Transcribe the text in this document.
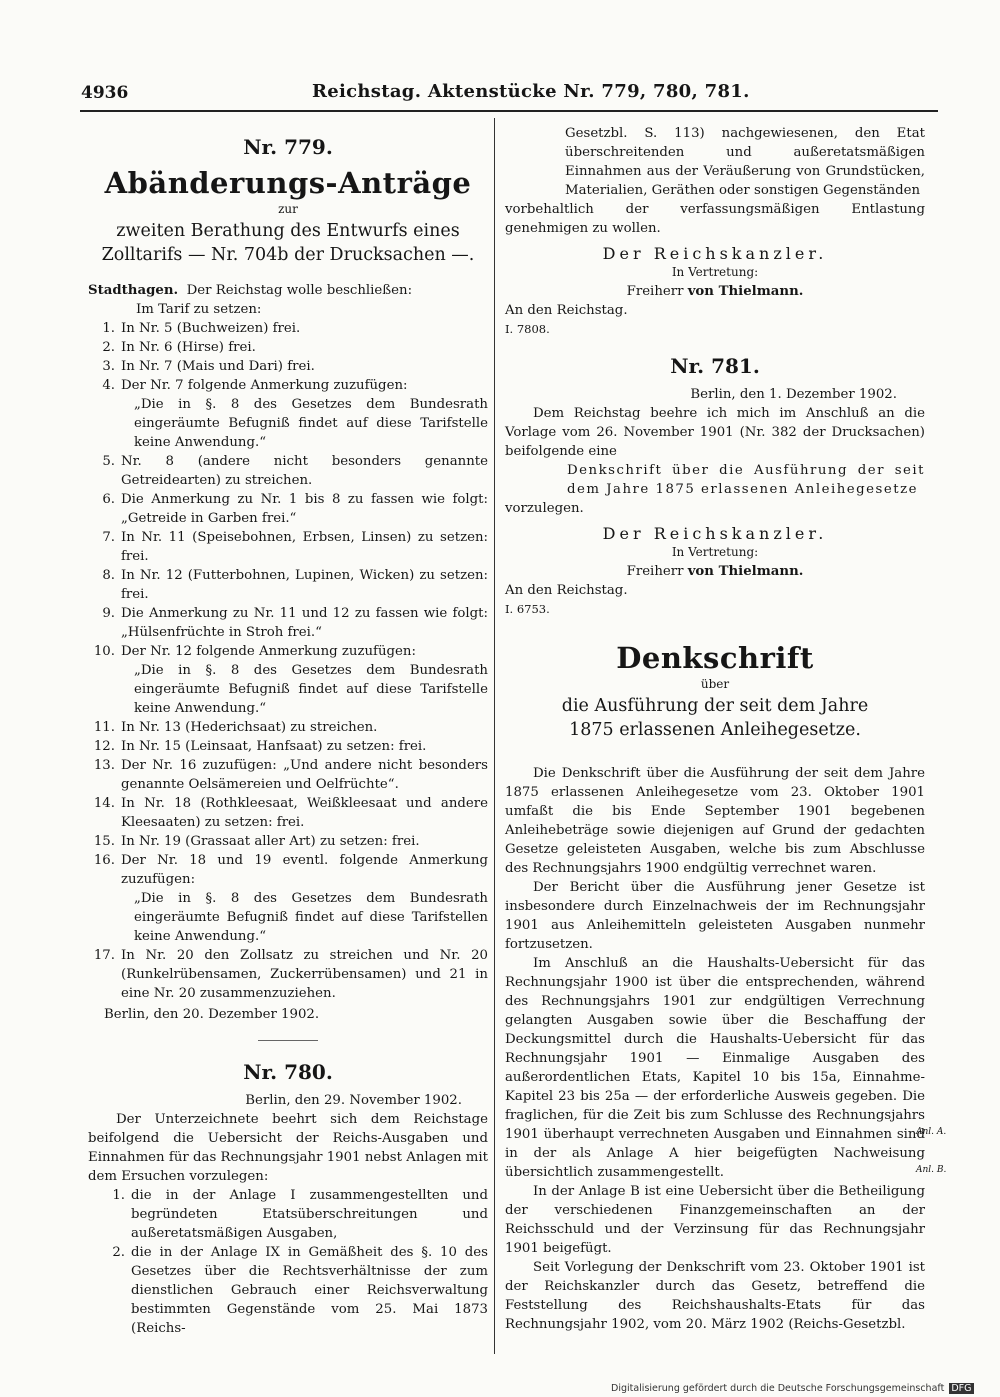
4936	Reichstag. Aktenstücke Nr. 779, 780, 781.

Nr. 779.

Abänderungs-Anträge

zur

zweiten Berathung des Entwurfs eines Zolltarifs — Nr. 704b der Drucksachen —.

Stadthagen. Der Reichstag wolle beschließen:

Im Tarif zu setzen:

1. In Nr. 5 (Buchweizen) frei.
2. In Nr. 6 (Hirse) frei.
3. In Nr. 7 (Mais und Dari) frei.
4. Der Nr. 7 folgende Anmerkung zuzufügen:

„Die in §. 8 des Gesetzes dem Bundesrath eingeräumte Befugniß findet auf diese Tarifstelle keine Anwendung.“

5. Nr. 8 (andere nicht besonders genannte Getreidearten) zu streichen.
6. Die Anmerkung zu Nr. 1 bis 8 zu fassen wie folgt: „Getreide in Garben frei.“
7. In Nr. 11 (Speisebohnen, Erbsen, Linsen) zu setzen: frei.
8. In Nr. 12 (Futterbohnen, Lupinen, Wicken) zu setzen: frei.
9. Die Anmerkung zu Nr. 11 und 12 zu fassen wie folgt: „Hülsenfrüchte in Stroh frei.“
10. Der Nr. 12 folgende Anmerkung zuzufügen:

„Die in §. 8 des Gesetzes dem Bundesrath eingeräumte Befugniß findet auf diese Tarifstelle keine Anwendung.“

11. In Nr. 13 (Hederichsaat) zu streichen.
12. In Nr. 15 (Leinsaat, Hanfsaat) zu setzen: frei.
13. Der Nr. 16 zuzufügen: „Und andere nicht besonders genannte Oelsämereien und Oelfrüchte“.
14. In Nr. 18 (Rothkleesaat, Weißkleesaat und andere Kleesaaten) zu setzen: frei.
15. In Nr. 19 (Grassaat aller Art) zu setzen: frei.
16. Der Nr. 18 und 19 eventl. folgende Anmerkung zuzufügen:

„Die in §. 8 des Gesetzes dem Bundesrath eingeräumte Befugniß findet auf diese Tarifstellen keine Anwendung.“

17. In Nr. 20 den Zollsatz zu streichen und Nr. 20 (Runkelrübensamen, Zuckerrübensamen) und 21 in eine Nr. 20 zusammenzuziehen.

Berlin, den 20. Dezember 1902.

Nr. 780.

Berlin, den 29. November 1902.

Der Unterzeichnete beehrt sich dem Reichstage beifolgend die Uebersicht der Reichs-Ausgaben und Einnahmen für das Rechnungsjahr 1901 nebst Anlagen mit dem Ersuchen vorzulegen:

1. die in der Anlage I zusammengestellten und begründeten Etatsüberschreitungen und außeretatsmäßigen Ausgaben,
2. die in der Anlage IX in Gemäßheit des §. 10 des Gesetzes über die Rechtsverhältnisse der zum dienstlichen Gebrauch einer Reichsverwaltung bestimmten Gegenstände vom 25. Mai 1873 (Reichs-

Gesetzbl. S. 113) nachgewiesenen, den Etat überschreitenden und außeretatsmäßigen Einnahmen aus der Veräußerung von Grundstücken, Materialien, Geräthen oder sonstigen Gegenständen

vorbehaltlich der verfassungsmäßigen Entlastung genehmigen zu wollen.

Der Reichskanzler.

In Vertretung:

Freiherr von Thielmann.

An den Reichstag.

I. 7808.

Nr. 781.

Berlin, den 1. Dezember 1902.

Dem Reichstag beehre ich mich im Anschluß an die Vorlage vom 26. November 1901 (Nr. 382 der Drucksachen) beifolgende eine

Denkschrift über die Ausführung der seit dem Jahre 1875 erlassenen Anleihegesetze

vorzulegen.

Der Reichskanzler.

In Vertretung:

Freiherr von Thielmann.

An den Reichstag.

I. 6753.

Denkschrift

über

die Ausführung der seit dem Jahre 1875 erlassenen Anleihegesetze.

Die Denkschrift über die Ausführung der seit dem Jahre 1875 erlassenen Anleihegesetze vom 23. Oktober 1901 umfaßt die bis Ende September 1901 begebenen Anleihebeträge sowie diejenigen auf Grund der gedachten Gesetze geleisteten Ausgaben, welche bis zum Abschlusse des Rechnungsjahrs 1900 endgültig verrechnet waren.

Der Bericht über die Ausführung jener Gesetze ist insbesondere durch Einzelnachweis der im Rechnungsjahr 1901 aus Anleihemitteln geleisteten Ausgaben nunmehr fortzusetzen.

Im Anschluß an die Haushalts-Uebersicht für das Rechnungsjahr 1900 ist über die entsprechenden, während des Rechnungsjahrs 1901 zur endgültigen Verrechnung gelangten Ausgaben sowie über die Beschaffung der Deckungsmittel durch die Haushalts-Uebersicht für das Rechnungsjahr 1901 — Einmalige Ausgaben des außerordentlichen Etats, Kapitel 10 bis 15a, Einnahme-Kapitel 23 bis 25a — der erforderliche Ausweis gegeben. Die fraglichen, für die Zeit bis zum Schlusse des Rechnungsjahrs 1901 überhaupt verrechneten Ausgaben und Einnahmen sind in der als Anlage A hier beigefügten Nachweisung übersichtlich zusammengestellt.

In der Anlage B ist eine Uebersicht über die Betheiligung der verschiedenen Finanzgemeinschaften an der Reichsschuld und der Verzinsung für das Rechnungsjahr 1901 beigefügt.

Seit Vorlegung der Denkschrift vom 23. Oktober 1901 ist der Reichskanzler durch das Gesetz, betreffend die Feststellung des Reichshaushalts-Etats für das Rechnungsjahr 1902, vom 20. März 1902 (Reichs-Gesetzbl.

Anl. A.
Anl. B.
Digitalisierung gefördert durch die Deutsche Forschungsgemeinschaft DFG
